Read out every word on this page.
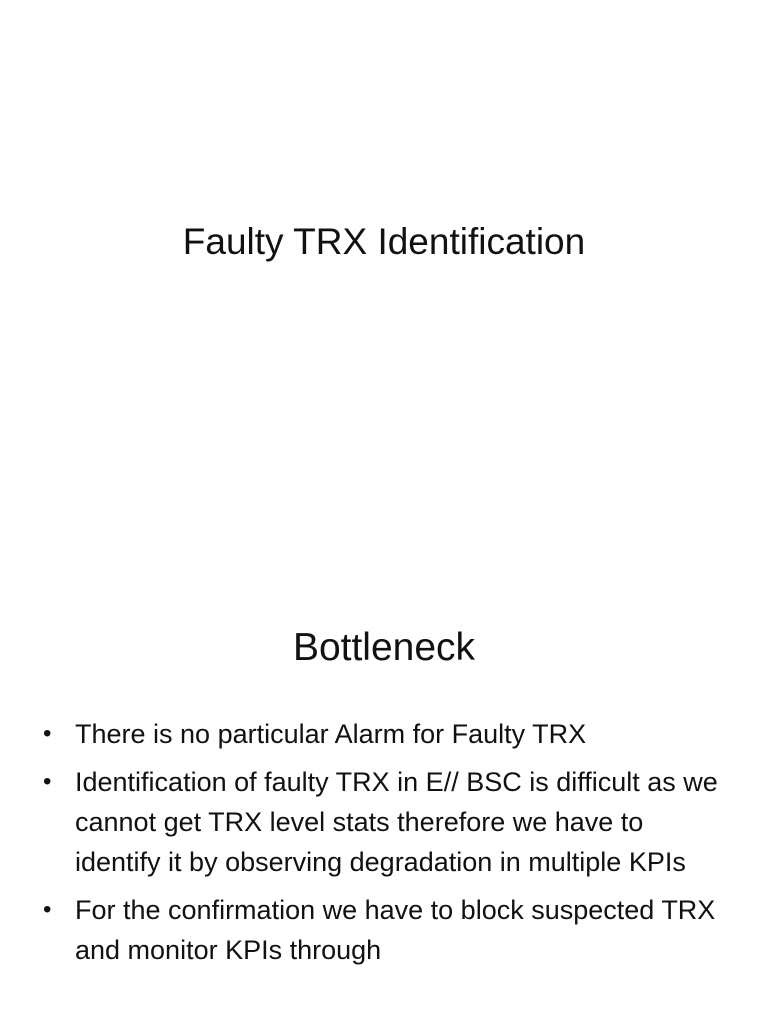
Faulty TRX Identification
Bottleneck
• There is no particular Alarm for Faulty TRX
• Identification of faulty TRX in E// BSC is difficult as we cannot get TRX level stats therefore we have to identify it by observing degradation in multiple KPIs
• For the confirmation we have to block suspected TRX and monitor KPIs through
